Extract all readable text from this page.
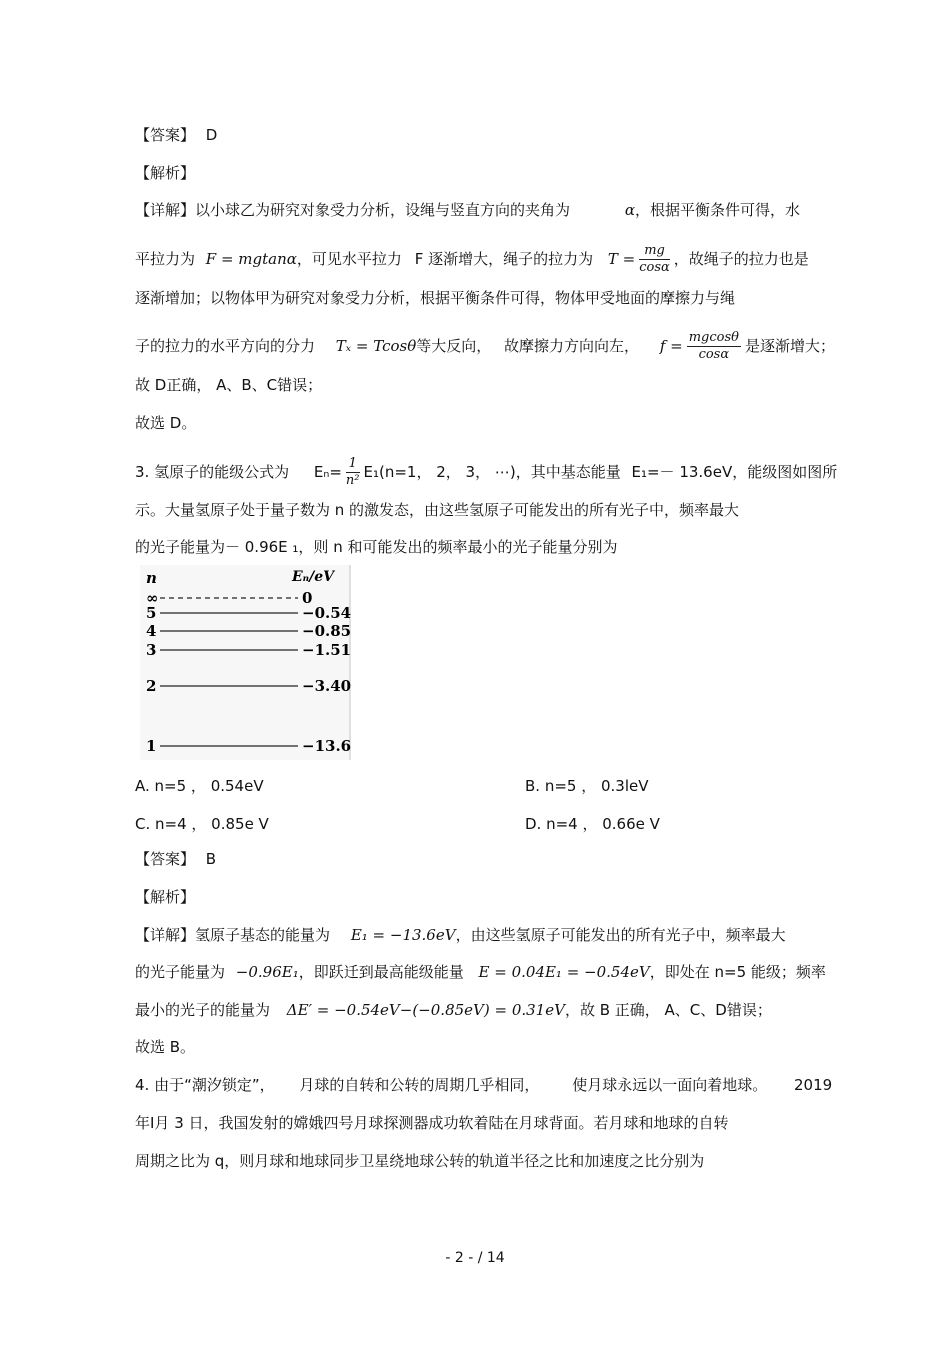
【答案】 D
【解析】
【详解】以小球乙为研究对象受力分析，设绳与竖直方向的夹角为	α，根据平衡条件可得，水
平拉力为 F = mgtanα，可见水平拉力 F 逐渐增大，绳子的拉力为 $T = \frac{mg}{\cos\alpha}$ ，故绳子的拉力也是
逐渐增加；以物体甲为研究对象受力分析，根据平衡条件可得，物体甲受地面的摩擦力与绳
子的拉力的水平方向的分力 Tₓ = Tcosθ等大反向， 故摩擦力方向向左， $f = \frac{mgcos\theta}{\cos\alpha}$ 是逐渐增大；
故 D正确， A、B、C错误；
故选 D。
3. 氢原子的能级公式为 $E_n= \frac{1}{\text{n²}} E_1(n=1$， 2， 3， ⋯)，其中基态能量 E₁=－ 13.6eV，能级图如图所
示。大量氢原子处于量子数为 n 的激发态，由这些氢原子可能发出的所有光子中，频率最大
的光子能量为－ 0.96E ₁，则 n 和可能发出的频率最小的光子能量分别为
n	Eₙ/eV
∞	0
5	−0.54
4	−0.85
3	−1.51
2	−3.40
1	−13.6
A. n=5 ， 0.54eV	B. n=5 ， 0.3leV
C. n=4 ， 0.85e V	D. n=4 ， 0.66e V
【答案】 B
【解析】
【详解】氢原子基态的能量为 E₁ = −13.6eV，由这些氢原子可能发出的所有光子中，频率最大
的光子能量为 −0.96E₁，即跃迁到最高能级能量 E = 0.04E₁ = −0.54eV，即处在 n=5 能级；频率
最小的光子的能量为 ΔE′ = −0.54eV−(−0.85eV) = 0.31eV，故 B 正确， A、C、D错误；
故选 B。
4. 由于“潮汐锁定”， 月球的自转和公转的周期几乎相同， 使月球永远以一面向着地球。 2019
年Ⅰ月 3 日，我国发射的嫦娥四号月球探测器成功软着陆在月球背面。若月球和地球的自转
周期之比为 q，则月球和地球同步卫星绕地球公转的轨道半径之比和加速度之比分别为
- 2 - / 14
